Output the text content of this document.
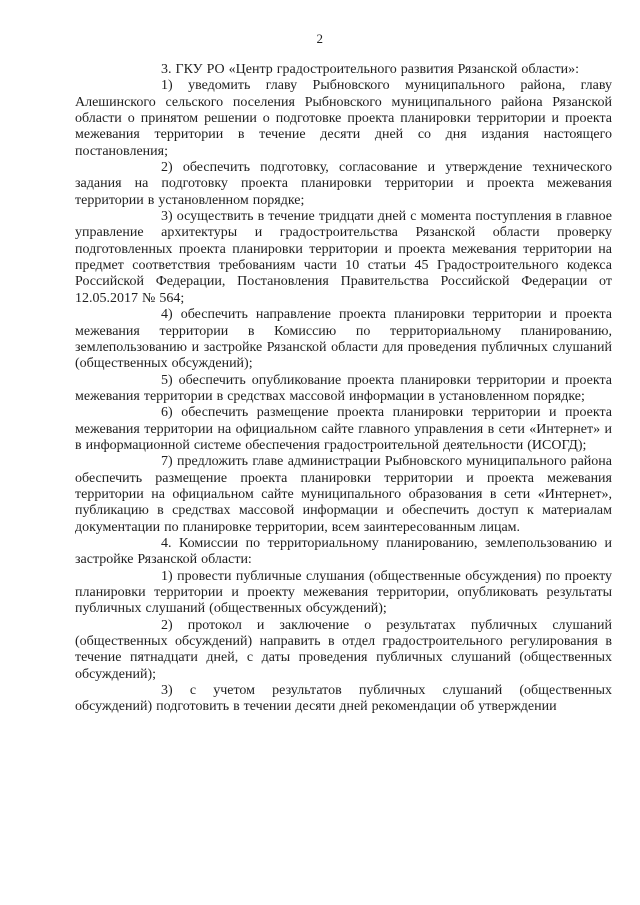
2

3. ГКУ РО «Центр градостроительного развития Рязанской области»:

1) уведомить главу Рыбновского муниципального района, главу Алешинского сельского поселения Рыбновского муниципального района Рязанской области о принятом решении о подготовке проекта планировки территории и проекта межевания территории в течение десяти дней со дня издания настоящего постановления;

2) обеспечить подготовку, согласование и утверждение технического задания на подготовку проекта планировки территории и проекта межевания территории в установленном порядке;

3) осуществить в течение тридцати дней с момента поступления в главное управление архитектуры и градостроительства Рязанской области проверку подготовленных проекта планировки территории и проекта межевания территории на предмет соответствия требованиям части 10 статьи 45 Градостроительного кодекса Российской Федерации, Постановления Правительства Российской Федерации от 12.05.2017 № 564;

4) обеспечить направление проекта планировки территории и проекта межевания территории в Комиссию по территориальному планированию, землепользованию и застройке Рязанской области для проведения публичных слушаний (общественных обсуждений);

5) обеспечить опубликование проекта планировки территории и проекта межевания территории в средствах массовой информации в установленном порядке;

6) обеспечить размещение проекта планировки территории и проекта межевания территории на официальном сайте главного управления в сети «Интернет» и в информационной системе обеспечения градостроительной деятельности (ИСОГД);

7) предложить главе администрации Рыбновского муниципального района обеспечить размещение проекта планировки территории и проекта межевания территории на официальном сайте муниципального образования в сети «Интернет», публикацию в средствах массовой информации и обеспечить доступ к материалам документации по планировке территории, всем заинтересованным лицам.

4. Комиссии по территориальному планированию, землепользованию и застройке Рязанской области:

1) провести публичные слушания (общественные обсуждения) по проекту планировки территории и проекту межевания территории, опубликовать результаты публичных слушаний (общественных обсуждений);

2) протокол и заключение о результатах публичных слушаний (общественных обсуждений) направить в отдел градостроительного регулирования в течение пятнадцати дней, с даты проведения публичных слушаний (общественных обсуждений);

3) с учетом результатов публичных слушаний (общественных обсуждений) подготовить в течении десяти дней рекомендации об утверждении
